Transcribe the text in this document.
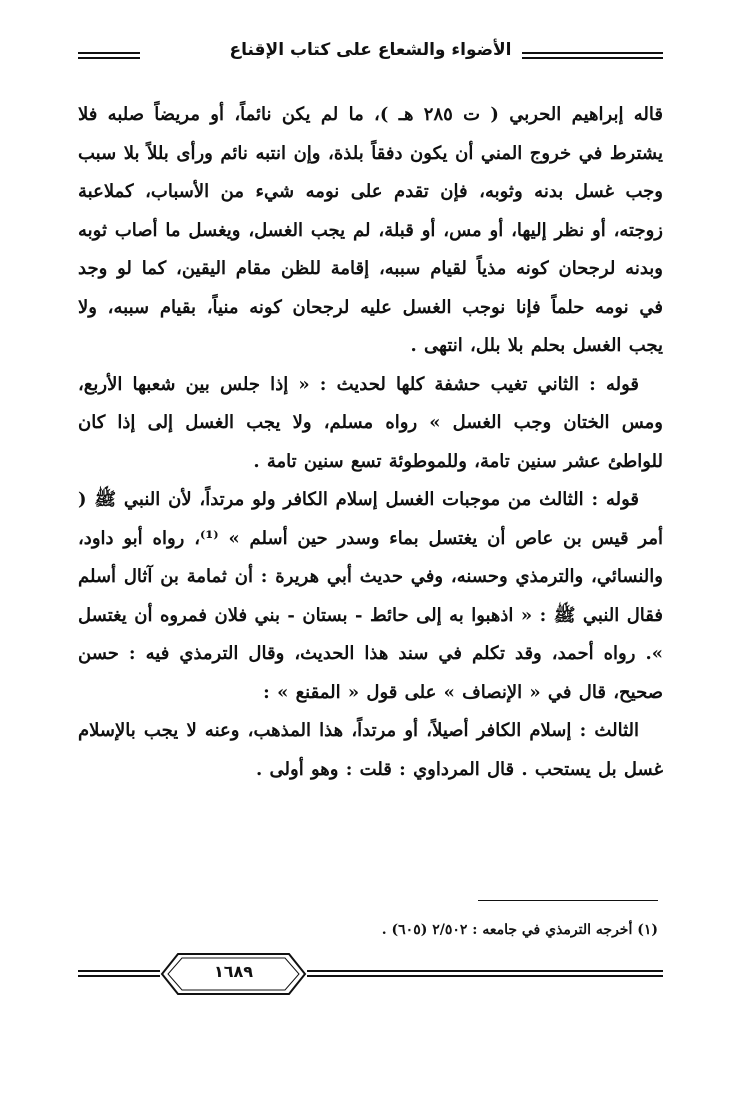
الأضواء والشعاع على كتاب الإقناع

قاله إبراهيم الحربي ( ت ٢٨٥ هـ )، ما لم يكن نائماً، أو مريضاً صلبه فلا يشترط في خروج المني أن يكون دفقاً بلذة، وإن انتبه نائم ورأى بللاً بلا سبب وجب غسل بدنه وثوبه، فإن تقدم على نومه شيء من الأسباب، كملاعبة زوجته، أو نظر إليها، أو مس، أو قبلة، لم يجب الغسل، ويغسل ما أصاب ثوبه وبدنه لرجحان كونه مذياً لقيام سببه، إقامة للظن مقام اليقين، كما لو وجد في نومه حلماً فإنا نوجب الغسل عليه لرجحان كونه منياً، بقيام سببه، ولا يجب الغسل بحلم بلا بلل، انتهى .

قوله : الثاني تغيب حشفة كلها لحديث : « إذا جلس بين شعبها الأربع، ومس الختان وجب الغسل » رواه مسلم، ولا يجب الغسل إلى إذا كان للواطئ عشر سنين تامة، وللموطوئة تسع سنين تامة .

قوله : الثالث من موجبات الغسل إسلام الكافر ولو مرتداً، لأن النبي ﷺ ( أمر قيس بن عاص أن يغتسل بماء وسدر حين أسلم » ⁽¹⁾، رواه أبو داود، والنسائي، والترمذي وحسنه، وفي حديث أبي هريرة : أن ثمامة بن آثال أسلم فقال النبي ﷺ : « اذهبوا به إلى حائط - بستان - بني فلان فمروه أن يغتسل ». رواه أحمد، وقد تكلم في سند هذا الحديث، وقال الترمذي فيه : حسن صحيح، قال في « الإنصاف » على قول « المقنع » :

الثالث : إسلام الكافر أصيلاً، أو مرتداً، هذا المذهب، وعنه لا يجب بالإسلام غسل بل يستحب . قال المرداوي : قلت : وهو أولى .

(١) أخرجه الترمذي في جامعه : ٢/٥٠٢ (٦٠٥) .
١٦٨٩
